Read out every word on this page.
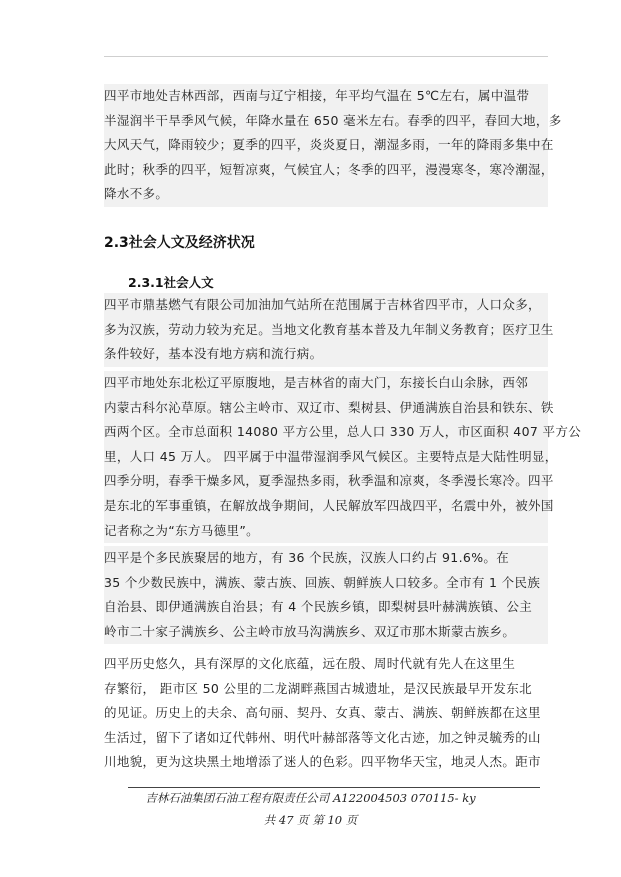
四平市地处吉林西部，西南与辽宁相接，年平均气温在 5℃左右，属中温带
半湿润半干旱季风气候，年降水量在 650 毫米左右。春季的四平，春回大地，多
大风天气，降雨较少；夏季的四平，炎炎夏日，潮湿多雨，一年的降雨多集中在
此时；秋季的四平，短暂凉爽，气候宜人；冬季的四平，漫漫寒冬，寒冷潮湿，
降水不多。
2.3社会人文及经济状况
2.3.1社会人文
四平市鼎基燃气有限公司加油加气站所在范围属于吉林省四平市，人口众多，
多为汉族，劳动力较为充足。当地文化教育基本普及九年制义务教育；医疗卫生
条件较好，基本没有地方病和流行病。
四平市地处东北松辽平原腹地，是吉林省的南大门，东接长白山余脉，西邻
内蒙古科尔沁草原。辖公主岭市、双辽市、梨树县、伊通满族自治县和铁东、铁
西两个区。全市总面积 14080 平方公里，总人口 330 万人，市区面积 407 平方公
里，人口 45 万人。 四平属于中温带湿润季风气候区。主要特点是大陆性明显，
四季分明，春季干燥多风，夏季湿热多雨，秋季温和凉爽，冬季漫长寒冷。四平
是东北的军事重镇，在解放战争期间，人民解放军四战四平，名震中外，被外国
记者称之为“东方马德里”。
四平是个多民族聚居的地方，有 36 个民族，汉族人口约占 91.6%。在
35 个少数民族中，满族、蒙古族、回族、朝鲜族人口较多。全市有 1 个民族
自治县、即伊通满族自治县；有 4 个民族乡镇，即梨树县叶赫满族镇、公主
岭市二十家子满族乡、公主岭市放马沟满族乡、双辽市那木斯蒙古族乡。
四平历史悠久，具有深厚的文化底蕴，远在殷、周时代就有先人在这里生
存繁衍， 距市区 50 公里的二龙湖畔燕国古城遗址，是汉民族最早开发东北
的见证。历史上的夫余、高句丽、契丹、女真、蒙古、满族、朝鲜族都在这里
生活过，留下了诸如辽代韩州、明代叶赫部落等文化古迹，加之钟灵毓秀的山
川地貌，更为这块黑土地增添了迷人的色彩。四平物华天宝，地灵人杰。距市
吉林石油集团石油工程有限责任公司 A122004503 070115- ky
共 47 页 第 10 页
